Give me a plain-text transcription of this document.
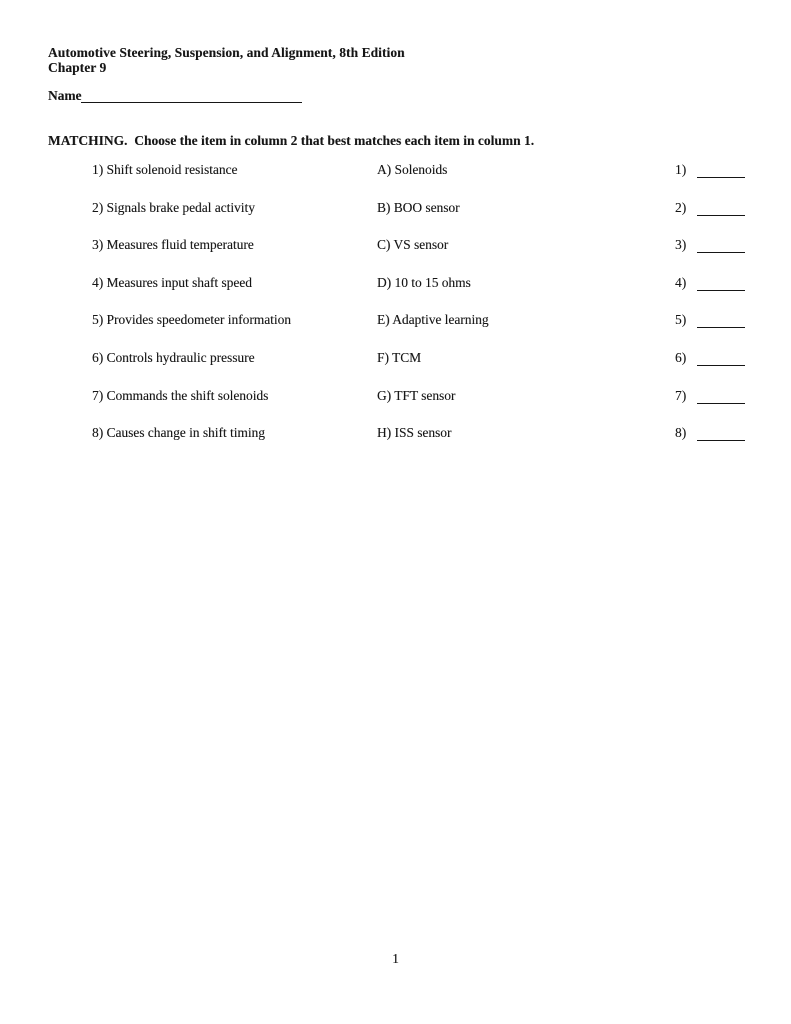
Automotive Steering, Suspension, and Alignment, 8th Edition
Chapter 9
Name
MATCHING.  Choose the item in column 2 that best matches each item in column 1.
1) Shift solenoid resistance	A) Solenoids	1)
2) Signals brake pedal activity	B) BOO sensor	2)
3) Measures fluid temperature	C) VS sensor	3)
4) Measures input shaft speed	D) 10 to 15 ohms	4)
5) Provides speedometer information	E) Adaptive learning	5)
6) Controls hydraulic pressure	F) TCM	6)
7) Commands the shift solenoids	G) TFT sensor	7)
8) Causes change in shift timing	H) ISS sensor	8)
1
